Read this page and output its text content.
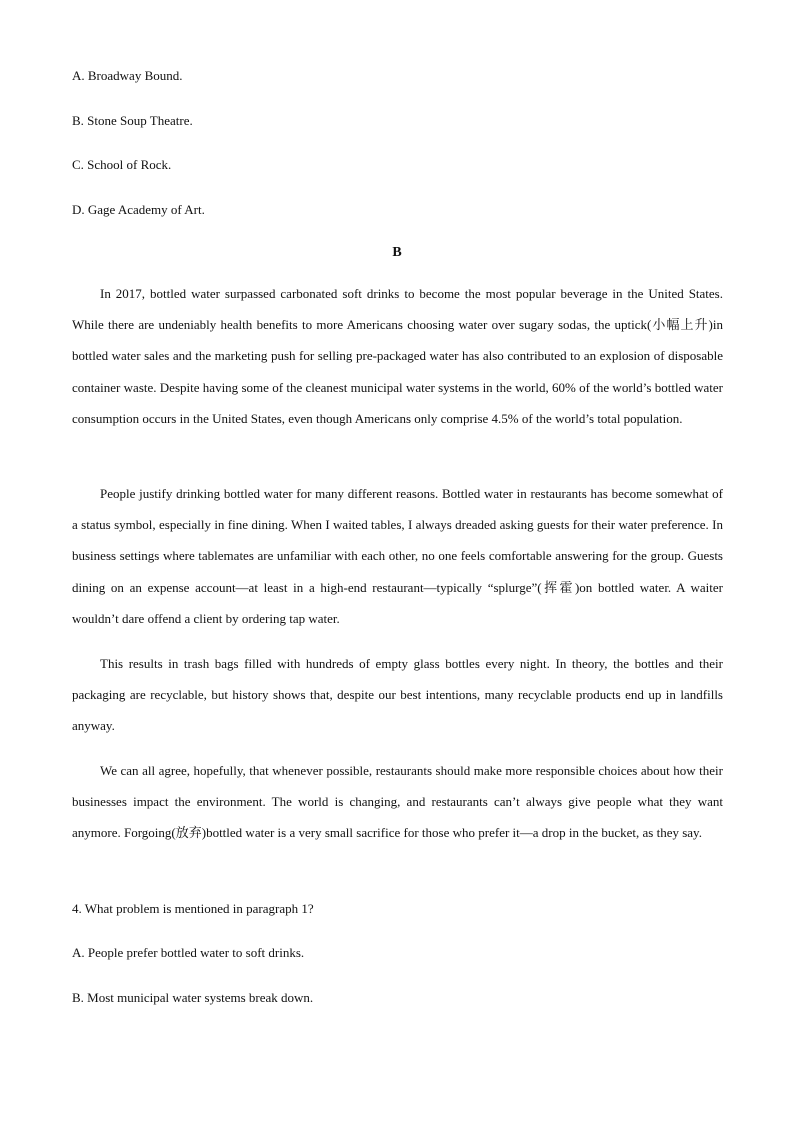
A. Broadway Bound.

B. Stone Soup Theatre.

C. School of Rock.

D. Gage Academy of Art.

B

In 2017, bottled water surpassed carbonated soft drinks to become the most popular beverage in the United States. While there are undeniably health benefits to more Americans choosing water over sugary sodas, the uptick(小幅上升)in bottled water sales and the marketing push for selling pre-packaged water has also contributed to an explosion of disposable container waste. Despite having some of the cleanest municipal water systems in the world, 60% of the world’s bottled water consumption occurs in the United States, even though Americans only comprise 4.5% of the world’s total population.

People justify drinking bottled water for many different reasons. Bottled water in restaurants has become somewhat of a status symbol, especially in fine dining. When I waited tables, I always dreaded asking guests for their water preference. In business settings where tablemates are unfamiliar with each other, no one feels comfortable answering for the group. Guests dining on an expense account—at least in a high-end restaurant—typically “splurge”(挥霍)on bottled water. A waiter wouldn’t dare offend a client by ordering tap water.

This results in trash bags filled with hundreds of empty glass bottles every night. In theory, the bottles and their packaging are recyclable, but history shows that, despite our best intentions, many recyclable products end up in landfills anyway.

We can all agree, hopefully, that whenever possible, restaurants should make more responsible choices about how their businesses impact the environment. The world is changing, and restaurants can’t always give people what they want anymore. Forgoing(放弃)bottled water is a very small sacrifice for those who prefer it—a drop in the bucket, as they say.

4. What problem is mentioned in paragraph 1?

A. People prefer bottled water to soft drinks.

B. Most municipal water systems break down.
